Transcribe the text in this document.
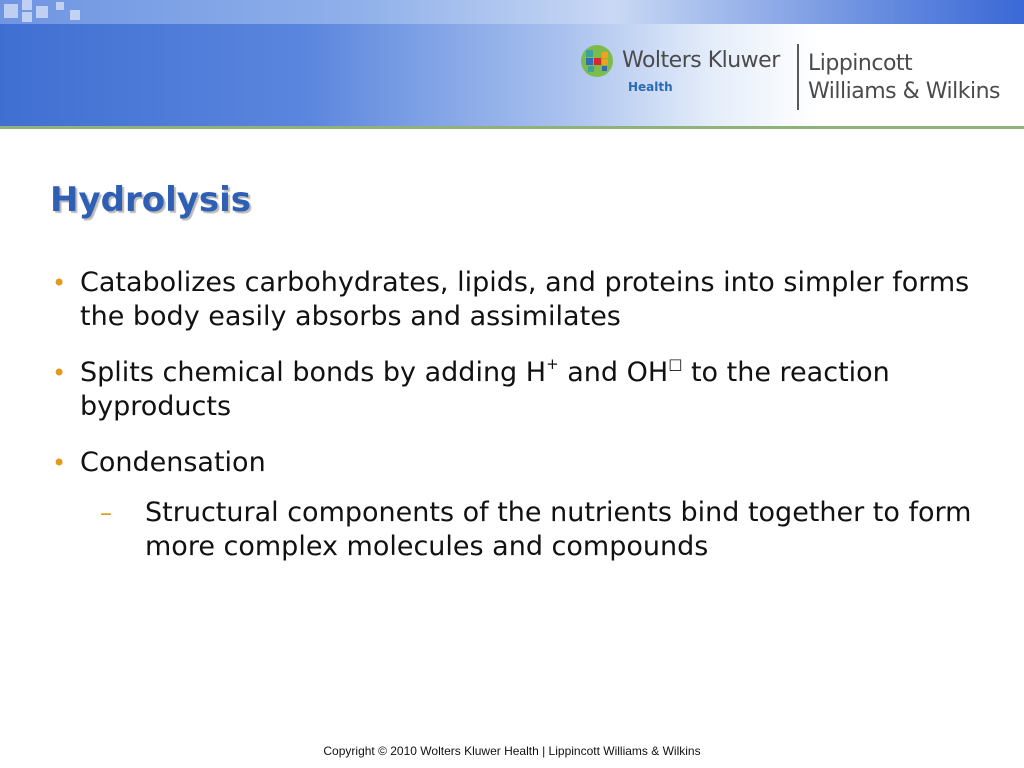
Wolters Kluwer
Health
Lippincott
Williams & Wilkins
Hydrolysis
• Catabolizes carbohydrates, lipids, and proteins into simpler forms the body easily absorbs and assimilates
• Splits chemical bonds by adding H+ and OH□ to the reaction byproducts
• Condensation
– Structural components of the nutrients bind together to form more complex molecules and compounds
Copyright © 2010 Wolters Kluwer Health | Lippincott Williams & Wilkins
